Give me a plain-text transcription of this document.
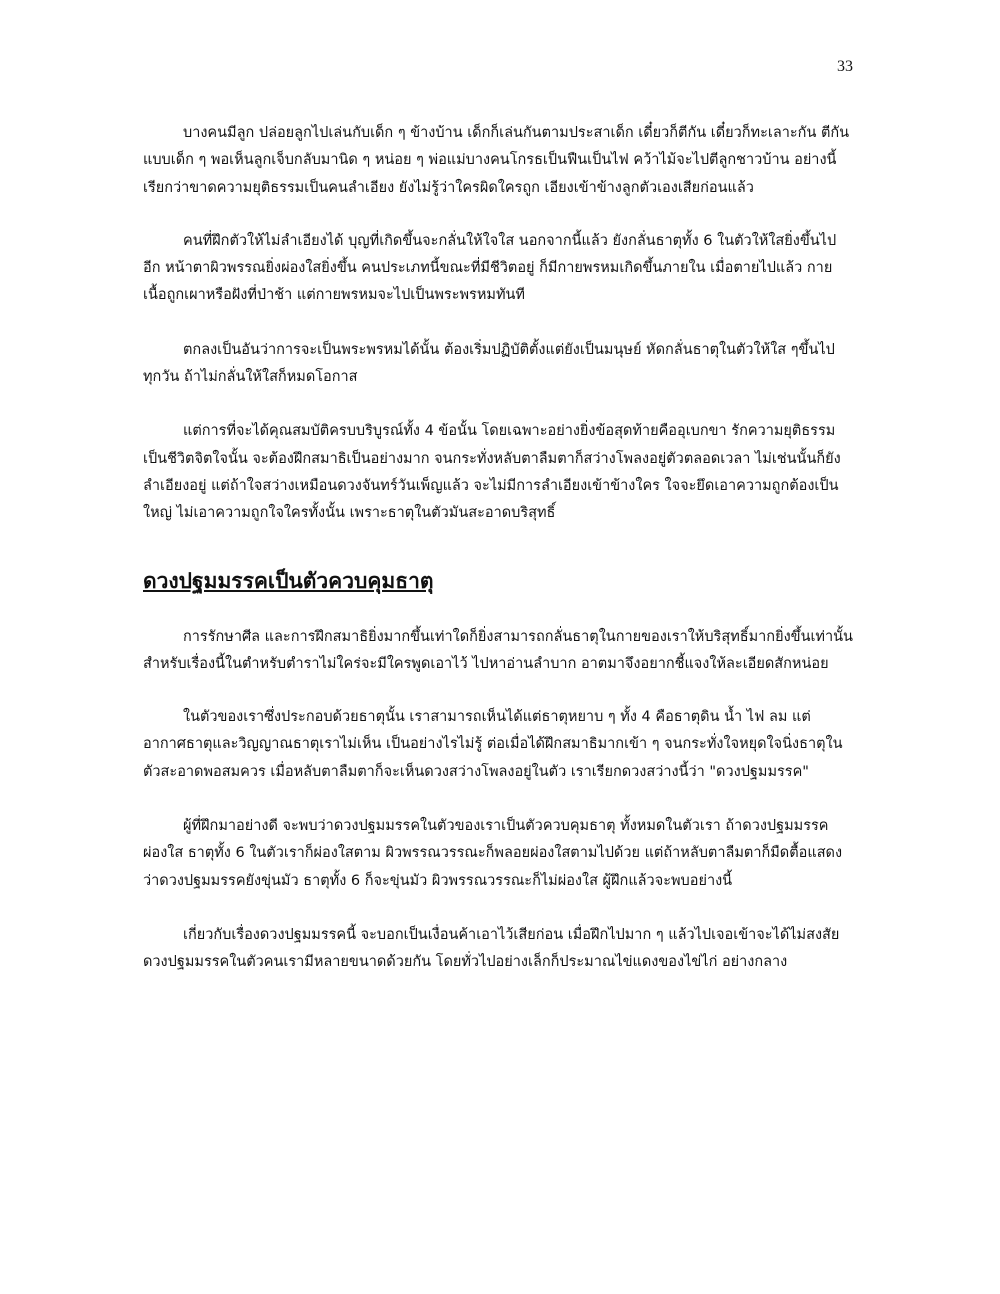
33

บางคนมีลูก ปล่อยลูกไปเล่นกับเด็ก ๆ ข้างบ้าน เด็กก็เล่นกันตามประสาเด็ก เดี๋ยวก็ตีกัน เดี๋ยวก็ทะเลาะกัน ตีกันแบบเด็ก ๆ พอเห็นลูกเจ็บกลับมานิด ๆ หน่อย ๆ พ่อแม่บางคนโกรธเป็นฟืนเป็นไฟ คว้าไม้จะไปตีลูกชาวบ้าน อย่างนี้เรียกว่าขาดความยุติธรรมเป็นคนลำเอียง ยังไม่รู้ว่าใครผิดใครถูก เอียงเข้าข้างลูกตัวเองเสียก่อนแล้ว

คนที่ฝึกตัวให้ไม่ลำเอียงได้ บุญที่เกิดขึ้นจะกลั่นให้ใจใส นอกจากนี้แล้ว ยังกลั่นธาตุทั้ง 6 ในตัวให้ใสยิ่งขึ้นไปอีก หน้าตาผิวพรรณยิ่งผ่องใสยิ่งขึ้น คนประเภทนี้ขณะที่มีชีวิตอยู่ ก็มีกายพรหมเกิดขึ้นภายใน เมื่อตายไปแล้ว กายเนื้อถูกเผาหรือฝังที่ป่าช้า แต่กายพรหมจะไปเป็นพระพรหมทันที

ตกลงเป็นอันว่าการจะเป็นพระพรหมได้นั้น ต้องเริ่มปฏิบัติตั้งแต่ยังเป็นมนุษย์ หัดกลั่นธาตุในตัวให้ใส ๆขึ้นไปทุกวัน ถ้าไม่กลั่นให้ใสก็หมดโอกาส

แต่การที่จะได้คุณสมบัติครบบริบูรณ์ทั้ง 4 ข้อนั้น โดยเฉพาะอย่างยิ่งข้อสุดท้ายคืออุเบกขา รักความยุติธรรมเป็นชีวิตจิตใจนั้น จะต้องฝึกสมาธิเป็นอย่างมาก จนกระทั่งหลับตาลืมตาก็สว่างโพลงอยู่ตัวตลอดเวลา ไม่เช่นนั้นก็ยังลำเอียงอยู่ แต่ถ้าใจสว่างเหมือนดวงจันทร์วันเพ็ญแล้ว จะไม่มีการลำเอียงเข้าข้างใคร ใจจะยึดเอาความถูกต้องเป็นใหญ่ ไม่เอาความถูกใจใครทั้งนั้น เพราะธาตุในตัวมันสะอาดบริสุทธิ์

ดวงปฐมมรรคเป็นตัวควบคุมธาตุ

การรักษาศีล และการฝึกสมาธิยิ่งมากขึ้นเท่าใดก็ยิ่งสามารถกลั่นธาตุในกายของเราให้บริสุทธิ์มากยิ่งขึ้นเท่านั้น สำหรับเรื่องนี้ในตำหรับตำราไม่ใคร่จะมีใครพูดเอาไว้ ไปหาอ่านลำบาก อาตมาจึงอยากชี้แจงให้ละเอียดสักหน่อย

ในตัวของเราซึ่งประกอบด้วยธาตุนั้น เราสามารถเห็นได้แต่ธาตุหยาบ ๆ ทั้ง 4 คือธาตุดิน น้ำ ไฟ ลม แต่อากาศธาตุและวิญญาณธาตุเราไม่เห็น เป็นอย่างไรไม่รู้ ต่อเมื่อได้ฝึกสมาธิมากเข้า ๆ จนกระทั่งใจหยุดใจนิ่งธาตุในตัวสะอาดพอสมควร เมื่อหลับตาลืมตาก็จะเห็นดวงสว่างโพลงอยู่ในตัว เราเรียกดวงสว่างนี้ว่า "ดวงปฐมมรรค"

ผู้ที่ฝึกมาอย่างดี จะพบว่าดวงปฐมมรรคในตัวของเราเป็นตัวควบคุมธาตุ ทั้งหมดในตัวเรา ถ้าดวงปฐมมรรคผ่องใส ธาตุทั้ง 6 ในตัวเราก็ผ่องใสตาม ผิวพรรณวรรณะก็พลอยผ่องใสตามไปด้วย แต่ถ้าหลับตาลืมตาก็มืดตื้อแสดงว่าดวงปฐมมรรคยังขุ่นมัว ธาตุทั้ง 6 ก็จะขุ่นมัว ผิวพรรณวรรณะก็ไม่ผ่องใส ผู้ฝึกแล้วจะพบอย่างนี้

เกี่ยวกับเรื่องดวงปฐมมรรคนี้ จะบอกเป็นเงื่อนค้าเอาไว้เสียก่อน เมื่อฝึกไปมาก ๆ แล้วไปเจอเข้าจะได้ไม่สงสัย ดวงปฐมมรรคในตัวคนเรามีหลายขนาดด้วยกัน โดยทั่วไปอย่างเล็กก็ประมาณไข่แดงของไข่ไก่ อย่างกลาง
